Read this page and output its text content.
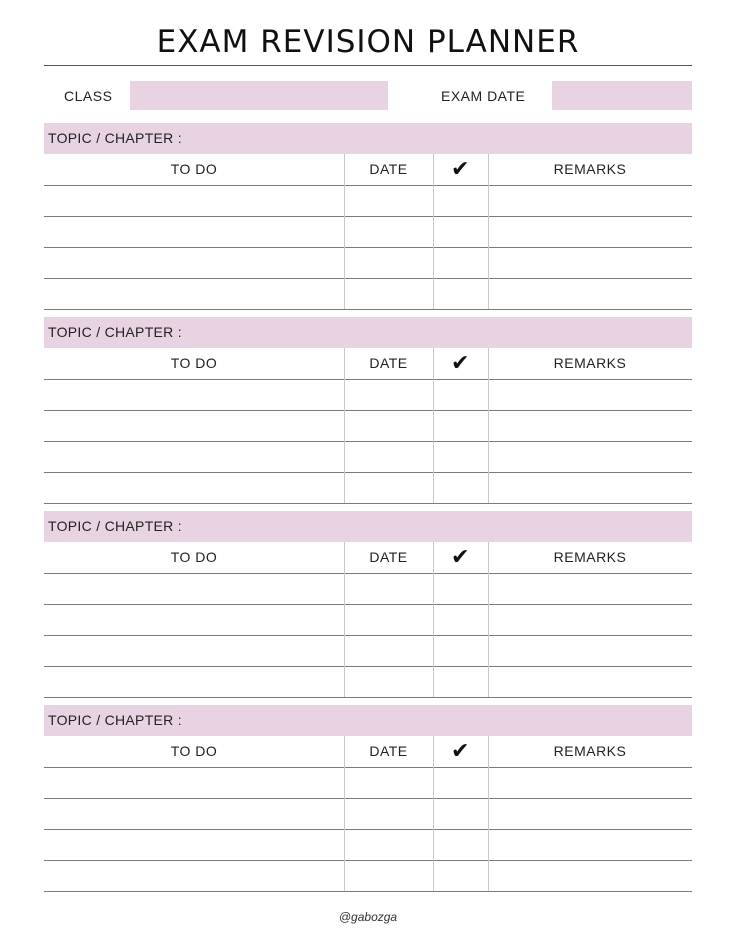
EXAM REVISION PLANNER
CLASS	EXAM DATE
TOPIC / CHAPTER :
TO DO	DATE	✔	REMARKS
TOPIC / CHAPTER :
TO DO	DATE	✔	REMARKS
TOPIC / CHAPTER :
TO DO	DATE	✔	REMARKS
TOPIC / CHAPTER :
TO DO	DATE	✔	REMARKS
@gabozga
